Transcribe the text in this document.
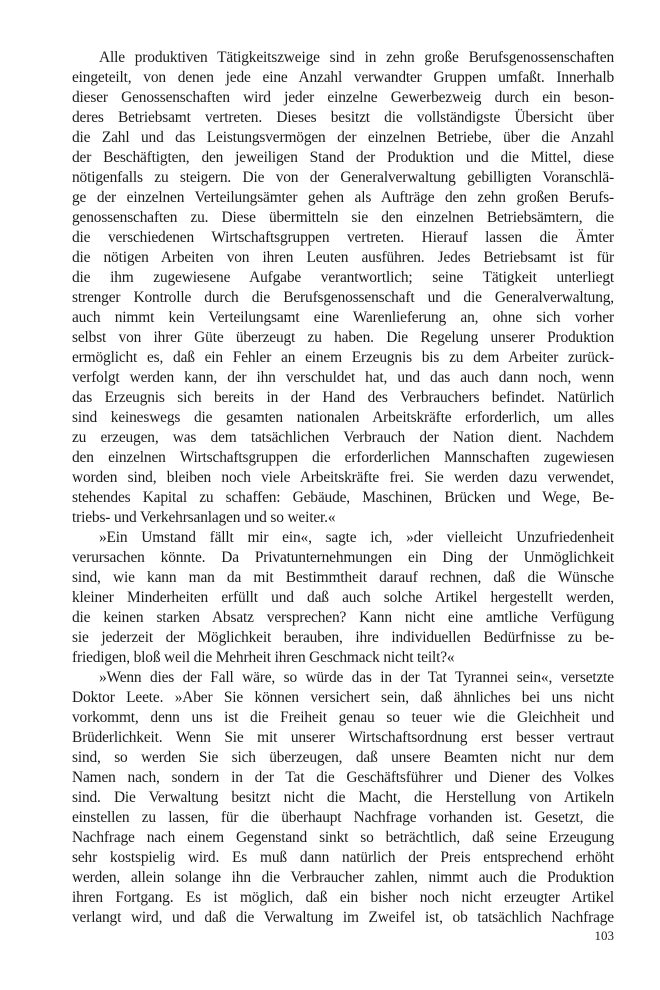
Alle produktiven Tätigkeitszweige sind in zehn große Berufsgenossenschaften
eingeteilt, von denen jede eine Anzahl verwandter Gruppen umfaßt. Innerhalb
dieser Genossenschaften wird jeder einzelne Gewerbezweig durch ein beson-
deres Betriebsamt vertreten. Dieses besitzt die vollständigste Übersicht über
die Zahl und das Leistungsvermögen der einzelnen Betriebe, über die Anzahl
der Beschäftigten, den jeweiligen Stand der Produktion und die Mittel, diese
nötigenfalls zu steigern. Die von der Generalverwaltung gebilligten Voranschlä-
ge der einzelnen Verteilungsämter gehen als Aufträge den zehn großen Berufs-
genossenschaften zu. Diese übermitteln sie den einzelnen Betriebsämtern, die
die verschiedenen Wirtschaftsgruppen vertreten. Hierauf lassen die Ämter
die nötigen Arbeiten von ihren Leuten ausführen. Jedes Betriebsamt ist für
die ihm zugewiesene Aufgabe verantwortlich; seine Tätigkeit unterliegt
strenger Kontrolle durch die Berufsgenossenschaft und die Generalverwaltung,
auch nimmt kein Verteilungsamt eine Warenlieferung an, ohne sich vorher
selbst von ihrer Güte überzeugt zu haben. Die Regelung unserer Produktion
ermöglicht es, daß ein Fehler an einem Erzeugnis bis zu dem Arbeiter zurück-
verfolgt werden kann, der ihn verschuldet hat, und das auch dann noch, wenn
das Erzeugnis sich bereits in der Hand des Verbrauchers befindet. Natürlich
sind keineswegs die gesamten nationalen Arbeitskräfte erforderlich, um alles
zu erzeugen, was dem tatsächlichen Verbrauch der Nation dient. Nachdem
den einzelnen Wirtschaftsgruppen die erforderlichen Mannschaften zugewiesen
worden sind, bleiben noch viele Arbeitskräfte frei. Sie werden dazu verwendet,
stehendes Kapital zu schaffen: Gebäude, Maschinen, Brücken und Wege, Be-
triebs- und Verkehrsanlagen und so weiter.«
»Ein Umstand fällt mir ein«, sagte ich, »der vielleicht Unzufriedenheit
verursachen könnte. Da Privatunternehmungen ein Ding der Unmöglichkeit
sind, wie kann man da mit Bestimmtheit darauf rechnen, daß die Wünsche
kleiner Minderheiten erfüllt und daß auch solche Artikel hergestellt werden,
die keinen starken Absatz versprechen? Kann nicht eine amtliche Verfügung
sie jederzeit der Möglichkeit berauben, ihre individuellen Bedürfnisse zu be-
friedigen, bloß weil die Mehrheit ihren Geschmack nicht teilt?«
»Wenn dies der Fall wäre, so würde das in der Tat Tyrannei sein«, versetzte
Doktor Leete. »Aber Sie können versichert sein, daß ähnliches bei uns nicht
vorkommt, denn uns ist die Freiheit genau so teuer wie die Gleichheit und
Brüderlichkeit. Wenn Sie mit unserer Wirtschaftsordnung erst besser vertraut
sind, so werden Sie sich überzeugen, daß unsere Beamten nicht nur dem
Namen nach, sondern in der Tat die Geschäftsführer und Diener des Volkes
sind. Die Verwaltung besitzt nicht die Macht, die Herstellung von Artikeln
einstellen zu lassen, für die überhaupt Nachfrage vorhanden ist. Gesetzt, die
Nachfrage nach einem Gegenstand sinkt so beträchtlich, daß seine Erzeugung
sehr kostspielig wird. Es muß dann natürlich der Preis entsprechend erhöht
werden, allein solange ihn die Verbraucher zahlen, nimmt auch die Produktion
ihren Fortgang. Es ist möglich, daß ein bisher noch nicht erzeugter Artikel
verlangt wird, und daß die Verwaltung im Zweifel ist, ob tatsächlich Nachfrage
103
